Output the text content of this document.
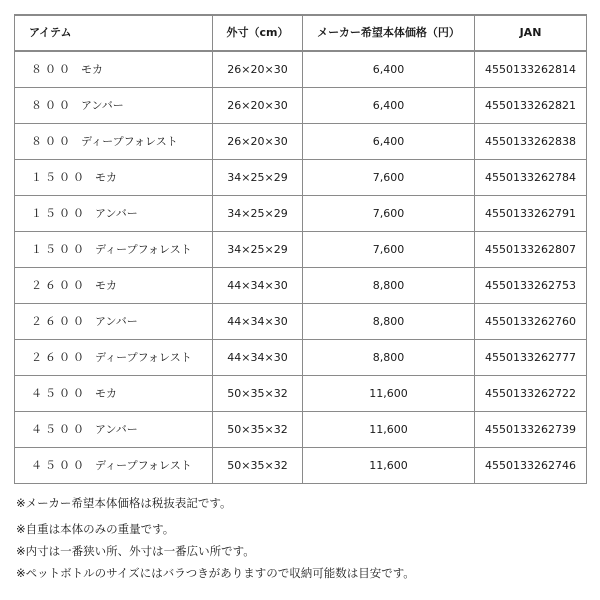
アイテム	外寸（cm）	メーカー希望本体価格（円）	JAN
８００ モカ	26×20×30	6,400	4550133262814
８００ アンバー	26×20×30	6,400	4550133262821
８００ ディープフォレスト	26×20×30	6,400	4550133262838
１５００ モカ	34×25×29	7,600	4550133262784
１５００ アンバー	34×25×29	7,600	4550133262791
１５００ ディープフォレスト	34×25×29	7,600	4550133262807
２６００ モカ	44×34×30	8,800	4550133262753
２６００ アンバー	44×34×30	8,800	4550133262760
２６００ ディープフォレスト	44×34×30	8,800	4550133262777
４５００ モカ	50×35×32	11,600	4550133262722
４５００ アンバー	50×35×32	11,600	4550133262739
４５００ ディープフォレスト	50×35×32	11,600	4550133262746
※メーカー希望本体価格は税抜表記です。
※自重は本体のみの重量です。
※内寸は一番狭い所、外寸は一番広い所です。
※ペットボトルのサイズにはバラつきがありますので収納可能数は目安です。
